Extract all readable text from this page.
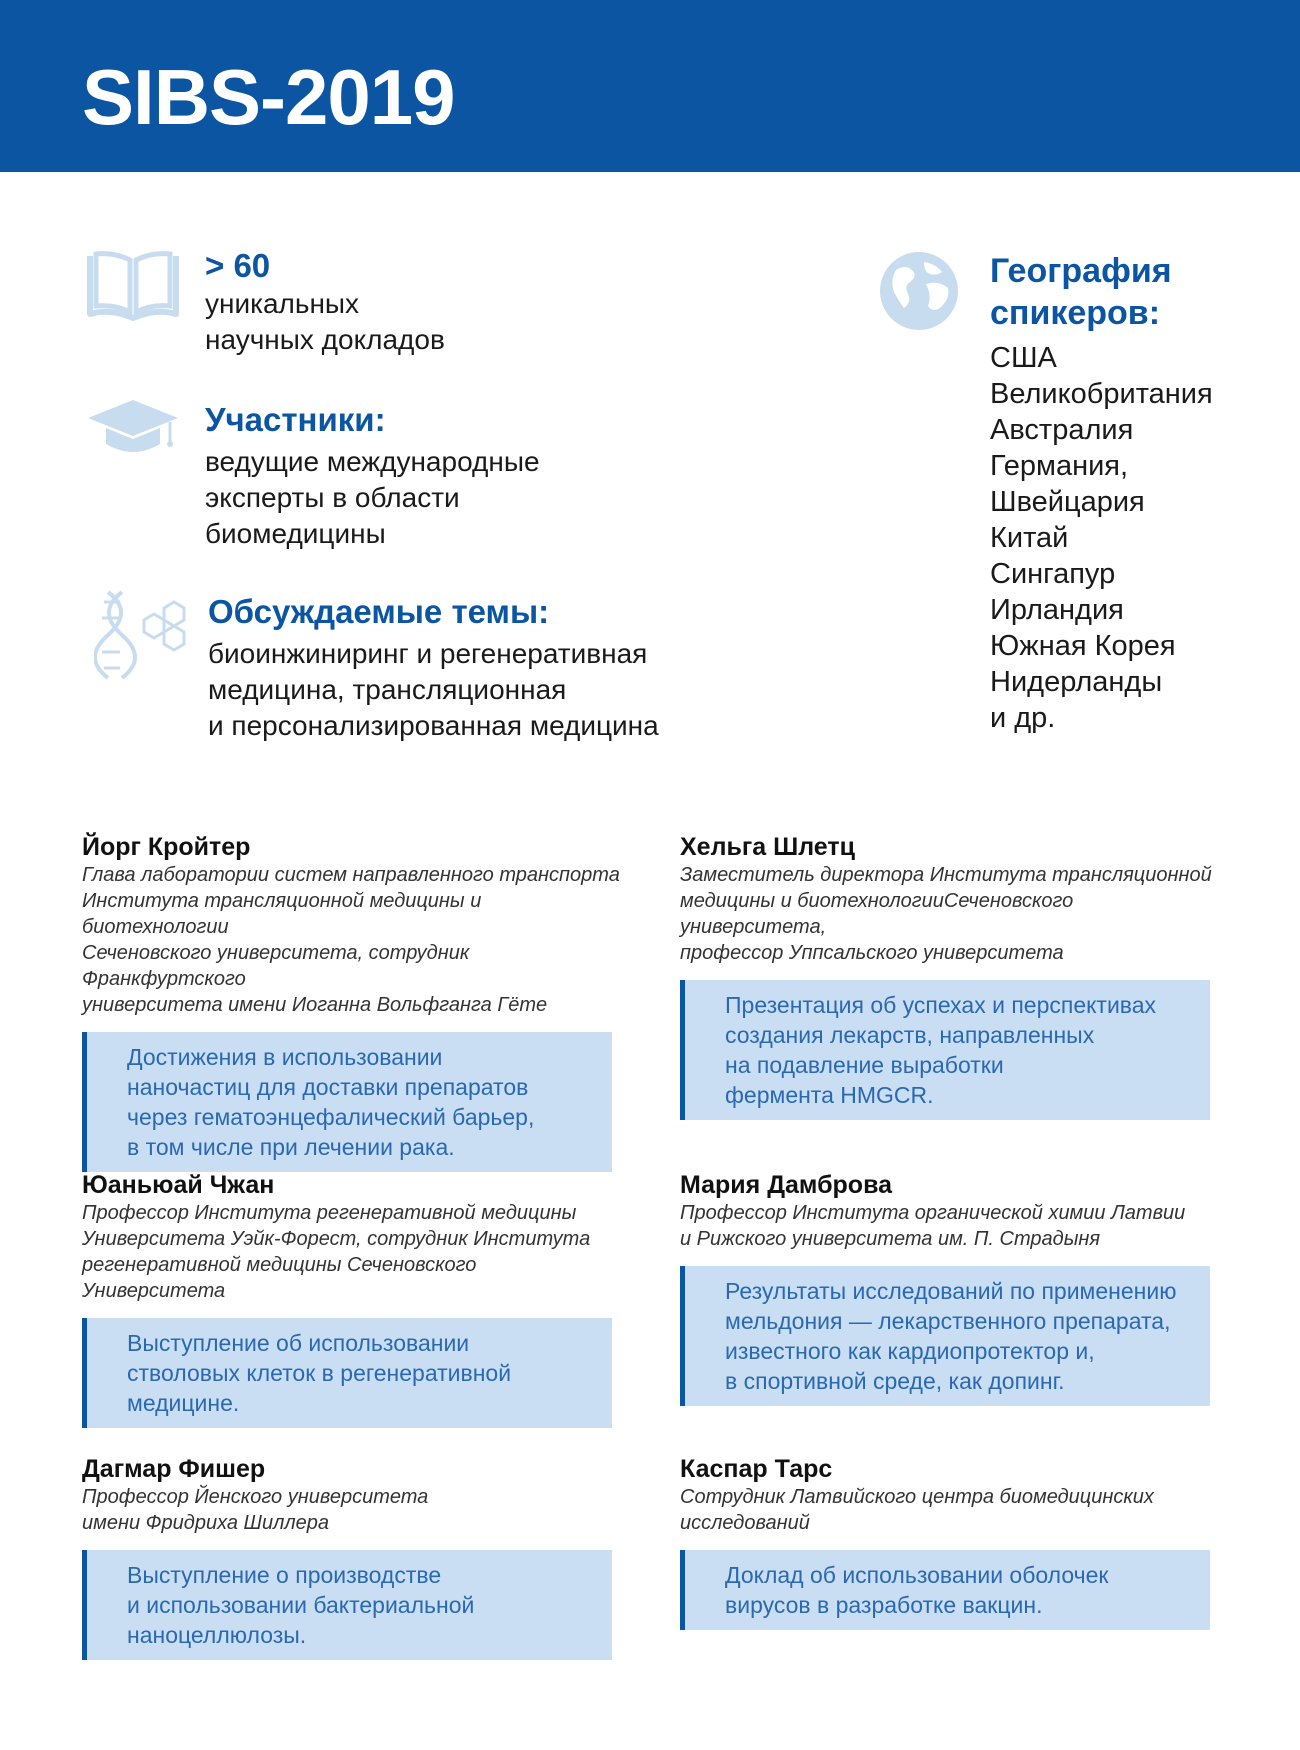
SIBS-2019
> 60
уникальных
научных докладов
Участники:
ведущие международные
эксперты в области
биомедицины
Обсуждаемые темы:
биоинжиниринг и регенеративная
медицина, трансляционная
и персонализированная медицина
География
спикеров:
США
Великобритания
Австралия
Германия,
Швейцария
Китай
Сингапур
Ирландия
Южная Корея
Нидерланды
и др.
Йорг Кройтер
Глава лаборатории систем направленного транспорта
Института трансляционной медицины и биотехнологии
Сеченовского университета, сотрудник Франкфуртского
университета имени Иоганна Вольфганга Гёте
Достижения в использовании
наночастиц для доставки препаратов
через гематоэнцефалический барьер,
в том числе при лечении рака.
Хельга Шлетц
Заместитель директора Института трансляционной
медицины и биотехнологииСеченовского университета,
профессор Уппсальского университета
Презентация об успехах и перспективах
создания лекарств, направленных
на подавление выработки
фермента HMGCR.
Юаньюай Чжан
Профессор Института регенеративной медицины
Университета Уэйк-Форест, сотрудник Института
регенеративной медицины Сеченовского Университета
Выступление об использовании
стволовых клеток в регенеративной
медицине.
Мария Дамброва
Профессор Института органической химии Латвии
и Рижского университета им. П. Страдыня
Результаты исследований по применению
мельдония — лекарственного препарата,
известного как кардиопротектор и,
в спортивной среде, как допинг.
Дагмар Фишер
Профессор Йенского университета
имени Фридриха Шиллера
Выступление о производстве
и использовании бактериальной
наноцеллюлозы.
Каспар Тарс
Сотрудник Латвийского центра биомедицинских
исследований
Доклад об использовании оболочек
вирусов в разработке вакцин.
